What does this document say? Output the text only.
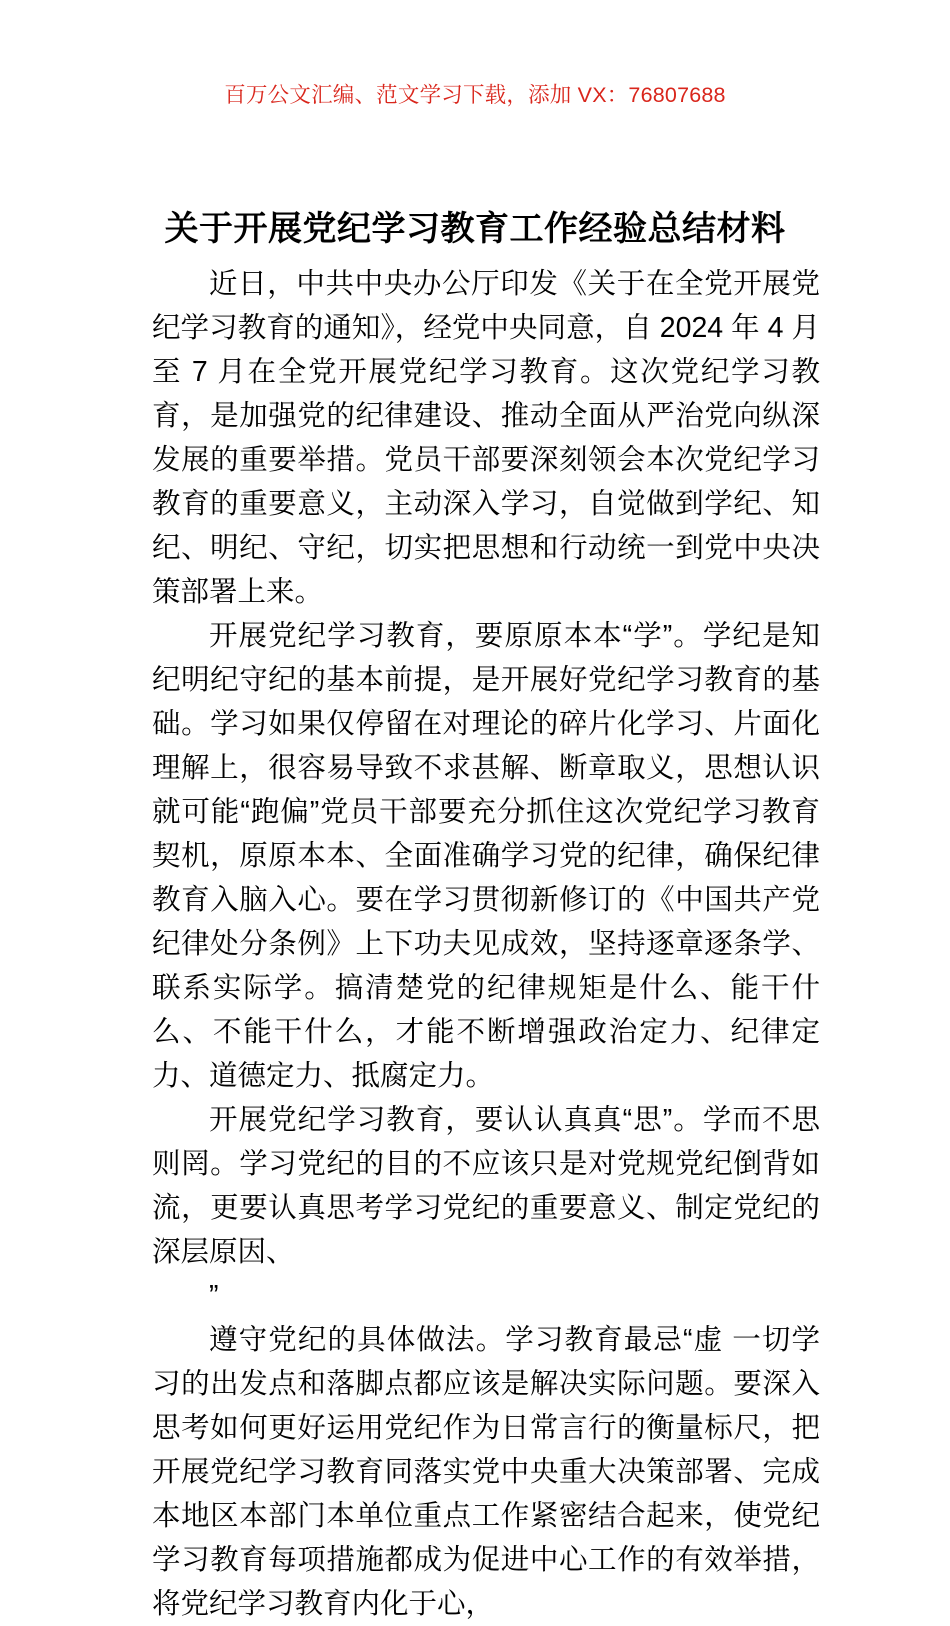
百万公文汇编、范文学习下载，添加 VX：76807688
关于开展党纪学习教育工作经验总结材料

近日，中共中央办公厅印发《关于在全党开展党纪学习教育的通知》，经党中央同意，自 2024 年 4 月至 7 月在全党开展党纪学习教育。这次党纪学习教育，是加强党的纪律建设、推动全面从严治党向纵深发展的重要举措。党员干部要深刻领会本次党纪学习教育的重要意义，主动深入学习，自觉做到学纪、知纪、明纪、守纪，切实把思想和行动统一到党中央决策部署上来。

开展党纪学习教育，要原原本本“学”。学纪是知纪明纪守纪的基本前提，是开展好党纪学习教育的基础。学习如果仅停留在对理论的碎片化学习、片面化理解上，很容易导致不求甚解、断章取义，思想认识就可能“跑偏”党员干部要充分抓住这次党纪学习教育契机，原原本本、全面准确学习党的纪律，确保纪律教育入脑入心。要在学习贯彻新修订的《中国共产党纪律处分条例》上下功夫见成效，坚持逐章逐条学、联系实际学。搞清楚党的纪律规矩是什么、能干什么、不能干什么，才能不断增强政治定力、纪律定力、道德定力、抵腐定力。

开展党纪学习教育，要认认真真“思”。学而不思则罔。学习党纪的目的不应该只是对党规党纪倒背如流，更要认真思考学习党纪的重要意义、制定党纪的深层原因、

”

遵守党纪的具体做法。学习教育最忌“虚 一切学习的出发点和落脚点都应该是解决实际问题。要深入思考如何更好运用党纪作为日常言行的衡量标尺，把开展党纪学习教育同落实党中央重大决策部署、完成本地区本部门本单位重点工作紧密结合起来，使党纪学习教育每项措施都成为促进中心工作的有效举措，将党纪学习教育内化于心，
